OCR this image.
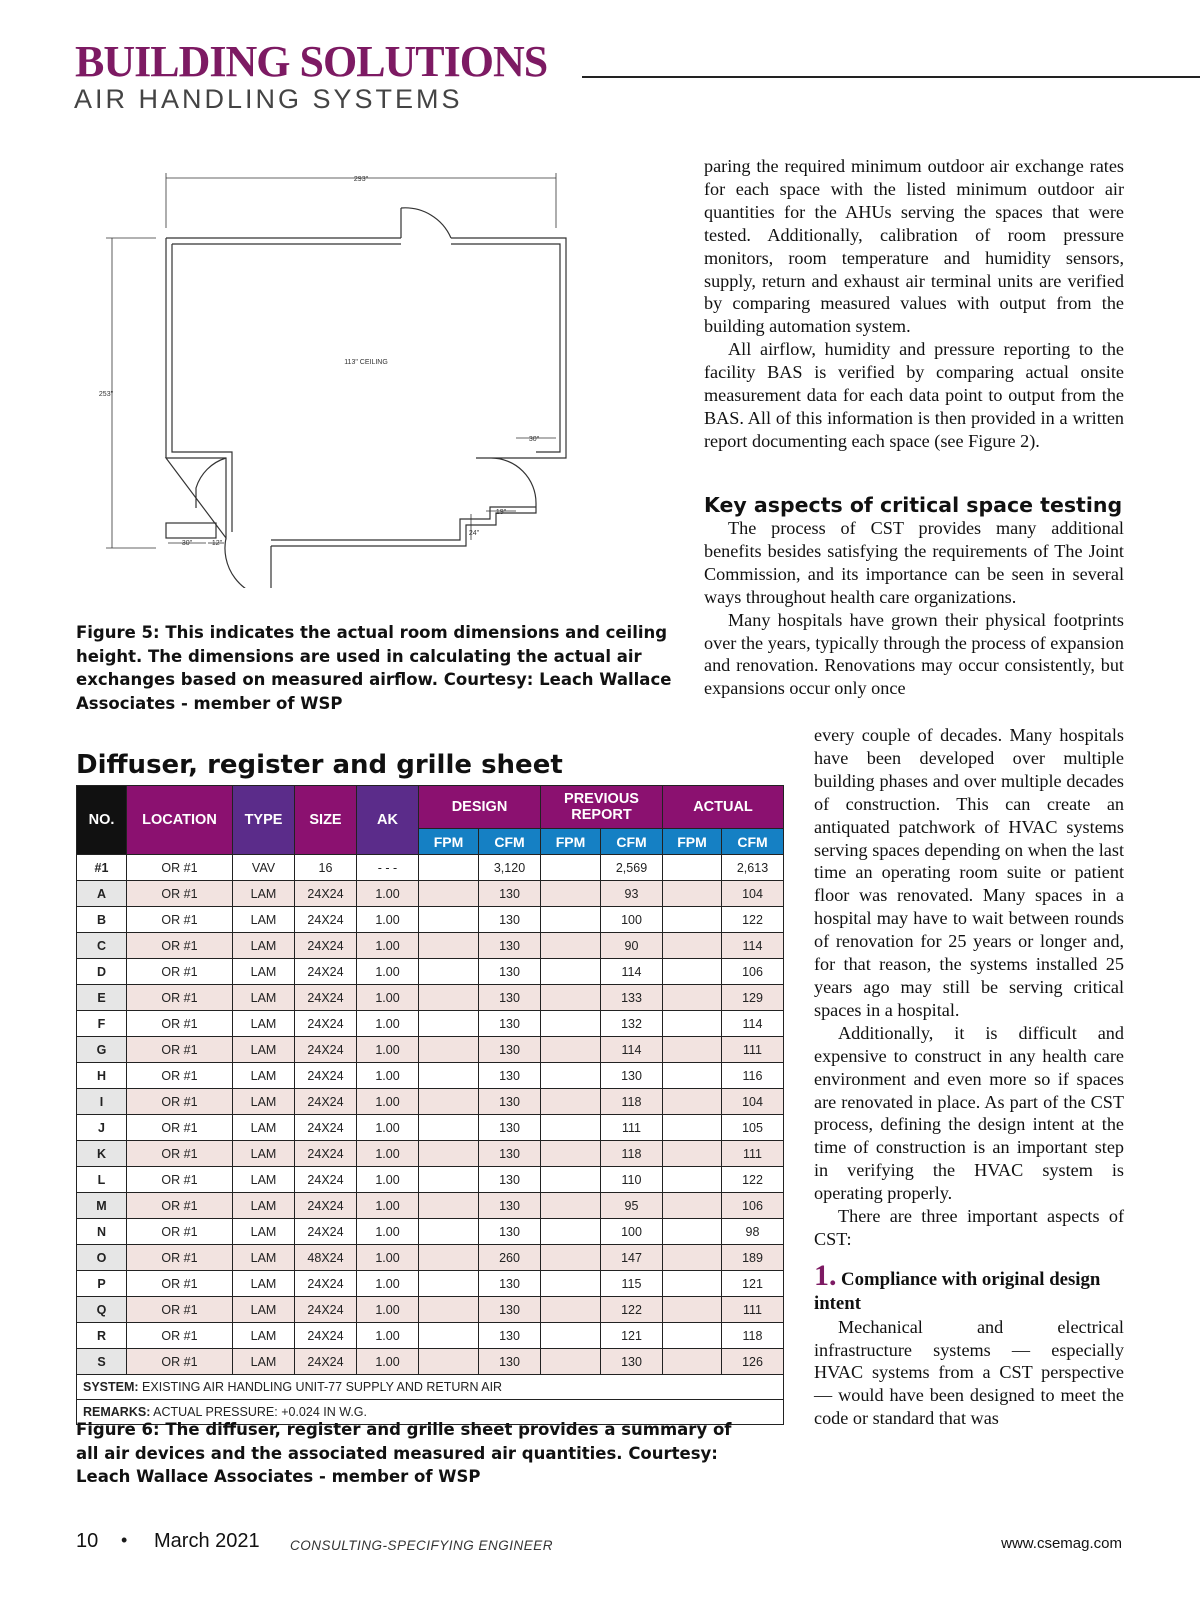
BUILDING SOLUTIONS
AIR HANDLING SYSTEMS
293"
253"
113" CEILING
30"
19"
24"
30"	12"
Figure 5: This indicates the actual room dimensions and ceiling height. The dimensions are used in calculating the actual air exchanges based on measured airflow. Courtesy: Leach Wallace Associates - member of WSP
Diffuser, register and grille sheet
NO.	LOCATION	TYPE	SIZE	AK	DESIGN		PREVIOUS REPORT		ACTUAL	
					FPM	CFM	FPM	CFM	FPM	CFM
#1	OR #1	VAV	16	- - -		3,120		2,569		2,613
A	OR #1	LAM	24X24	1.00		130		93		104
B	OR #1	LAM	24X24	1.00		130		100		122
C	OR #1	LAM	24X24	1.00		130		90		114
D	OR #1	LAM	24X24	1.00		130		114		106
E	OR #1	LAM	24X24	1.00		130		133		129
F	OR #1	LAM	24X24	1.00		130		132		114
G	OR #1	LAM	24X24	1.00		130		114		111
H	OR #1	LAM	24X24	1.00		130		130		116
I	OR #1	LAM	24X24	1.00		130		118		104
J	OR #1	LAM	24X24	1.00		130		111		105
K	OR #1	LAM	24X24	1.00		130		118		111
L	OR #1	LAM	24X24	1.00		130		110		122
M	OR #1	LAM	24X24	1.00		130		95		106
N	OR #1	LAM	24X24	1.00		130		100		98
O	OR #1	LAM	48X24	1.00		260		147		189
P	OR #1	LAM	24X24	1.00		130		115		121
Q	OR #1	LAM	24X24	1.00		130		122		111
R	OR #1	LAM	24X24	1.00		130		121		118
S	OR #1	LAM	24X24	1.00		130		130		126
SYSTEM: EXISTING AIR HANDLING UNIT-77 SUPPLY AND RETURN AIR										
REMARKS: ACTUAL PRESSURE: +0.024 IN W.G.										
Figure 6: The diffuser, register and grille sheet provides a summary of all air devices and the associated measured air quantities. Courtesy: Leach Wallace Associates - member of WSP

paring the required minimum outdoor air exchange rates for each space with the listed minimum outdoor air quantities for the AHUs serving the spaces that were tested. Additionally, calibration of room pressure monitors, room temperature and humidity sensors, supply, return and exhaust air terminal units are verified by comparing measured values with output from the building automation system.

All airflow, humidity and pressure reporting to the facility BAS is verified by comparing actual onsite measurement data for each data point to output from the BAS. All of this information is then provided in a written report documenting each space (see Figure 2).

Key aspects of critical space testing

The process of CST provides many additional benefits besides satisfying the requirements of The Joint Commission, and its importance can be seen in several ways throughout health care organizations.

Many hospitals have grown their physical footprints over the years, typically through the process of expansion and renovation. Renovations may occur consistently, but expansions occur only once

every couple of decades. Many hospitals have been developed over multiple building phases and over multiple decades of construction. This can create an antiquated patchwork of HVAC systems serving spaces depending on when the last time an operating room suite or patient floor was renovated. Many spaces in a hospital may have to wait between rounds of renovation for 25 years or longer and, for that reason, the systems installed 25 years ago may still be serving critical spaces in a hospital.

Additionally, it is difficult and expensive to construct in any health care environment and even more so if spaces are renovated in place. As part of the CST process, defining the design intent at the time of construction is an important step in verifying the HVAC system is operating properly.

There are three important aspects of CST:

1. Compliance with original design intent

Mechanical and electrical infrastructure systems — especially HVAC systems from a CST perspective — would have been designed to meet the code or standard that was

10 • March 2021 CONSULTING-SPECIFYING ENGINEER	www.csemag.com
